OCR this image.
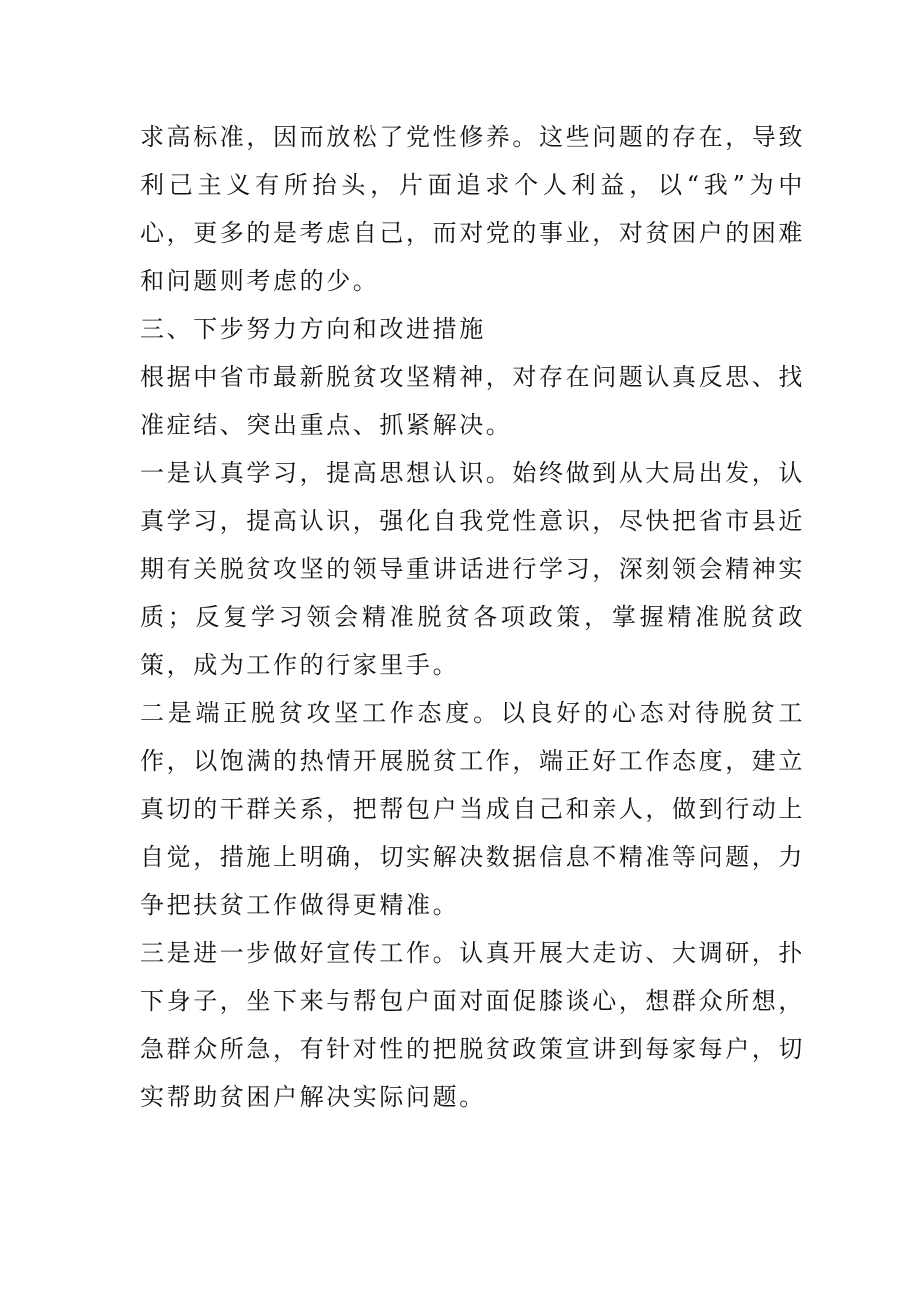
求高标准，因而放松了党性修养。这些问题的存在，导致利己主义有所抬头，片面追求个人利益，以“我”为中心，更多的是考虑自己，而对党的事业，对贫困户的困难和问题则考虑的少。

三、下步努力方向和改进措施

根据中省市最新脱贫攻坚精神，对存在问题认真反思、找准症结、突出重点、抓紧解决。

一是认真学习，提高思想认识。始终做到从大局出发，认真学习，提高认识，强化自我党性意识，尽快把省市县近期有关脱贫攻坚的领导重讲话进行学习，深刻领会精神实质；反复学习领会精准脱贫各项政策，掌握精准脱贫政策，成为工作的行家里手。

二是端正脱贫攻坚工作态度。以良好的心态对待脱贫工作，以饱满的热情开展脱贫工作，端正好工作态度，建立真切的干群关系，把帮包户当成自己和亲人，做到行动上自觉，措施上明确，切实解决数据信息不精准等问题，力争把扶贫工作做得更精准。

三是进一步做好宣传工作。认真开展大走访、大调研，扑下身子，坐下来与帮包户面对面促膝谈心，想群众所想，急群众所急，有针对性的把脱贫政策宣讲到每家每户，切实帮助贫困户解决实际问题。
